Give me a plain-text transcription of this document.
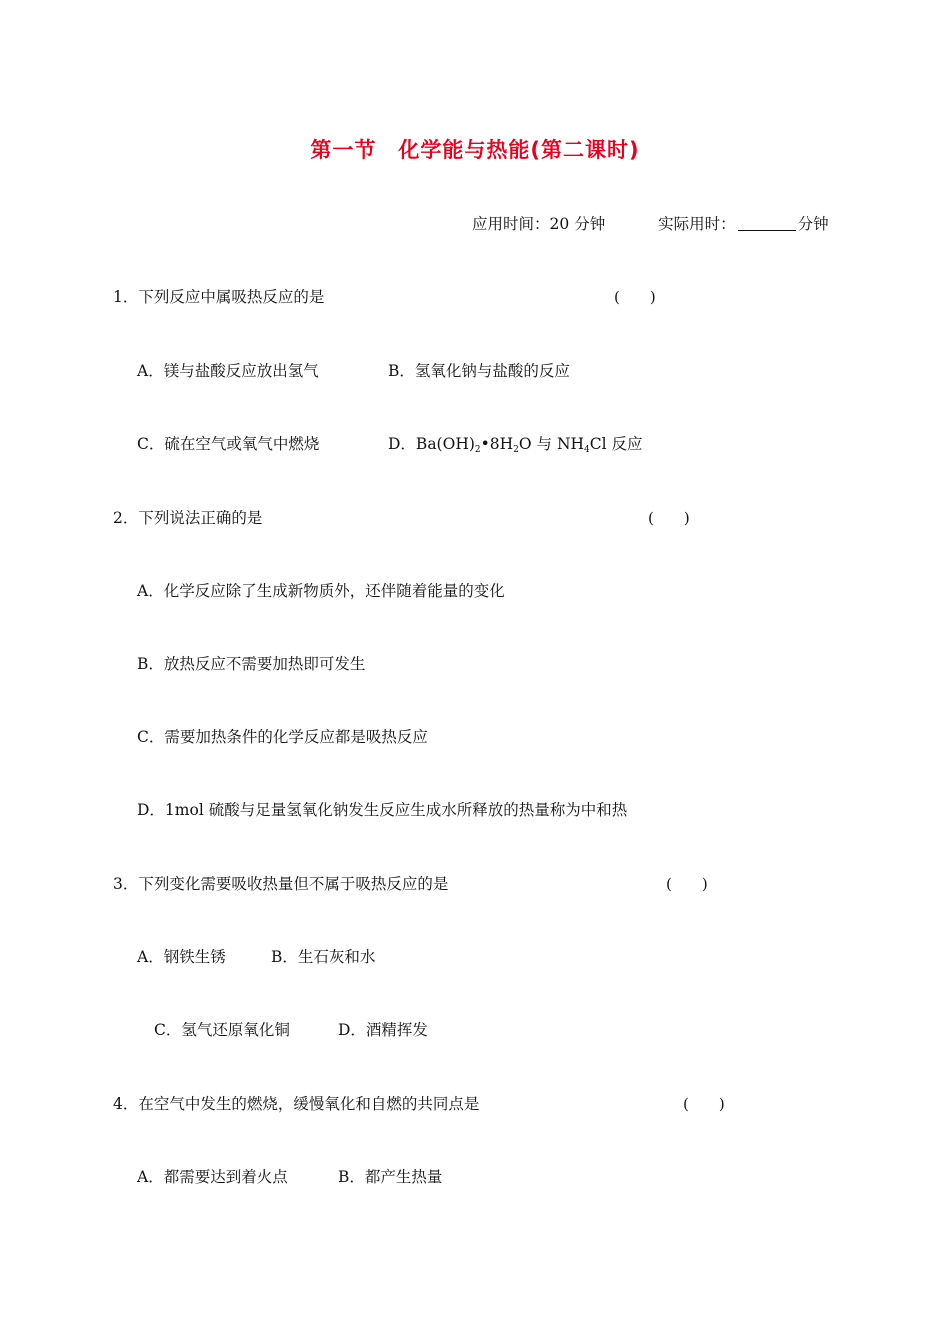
第一节 化学能与热能(第二课时)
应用时间：20 分钟	实际用时：	分钟
1．下列反应中属吸热反应的是	(　　)
A．镁与盐酸反应放出氢气	B．氢氧化钠与盐酸的反应
C．硫在空气或氧气中燃烧	D．$Ba(OH)_2•8H_2O$ 与 $NH_4Cl$ 反应
2．下列说法正确的是	(　　)
A．化学反应除了生成新物质外，还伴随着能量的变化
B．放热反应不需要加热即可发生
C．需要加热条件的化学反应都是吸热反应
D．1mol 硫酸与足量氢氧化钠发生反应生成水所释放的热量称为中和热
3．下列变化需要吸收热量但不属于吸热反应的是	(　　)
A．钢铁生锈	B．生石灰和水
C．氢气还原氧化铜	D．酒精挥发
4．在空气中发生的燃烧，缓慢氧化和自燃的共同点是	(　　)
A．都需要达到着火点	B．都产生热量
